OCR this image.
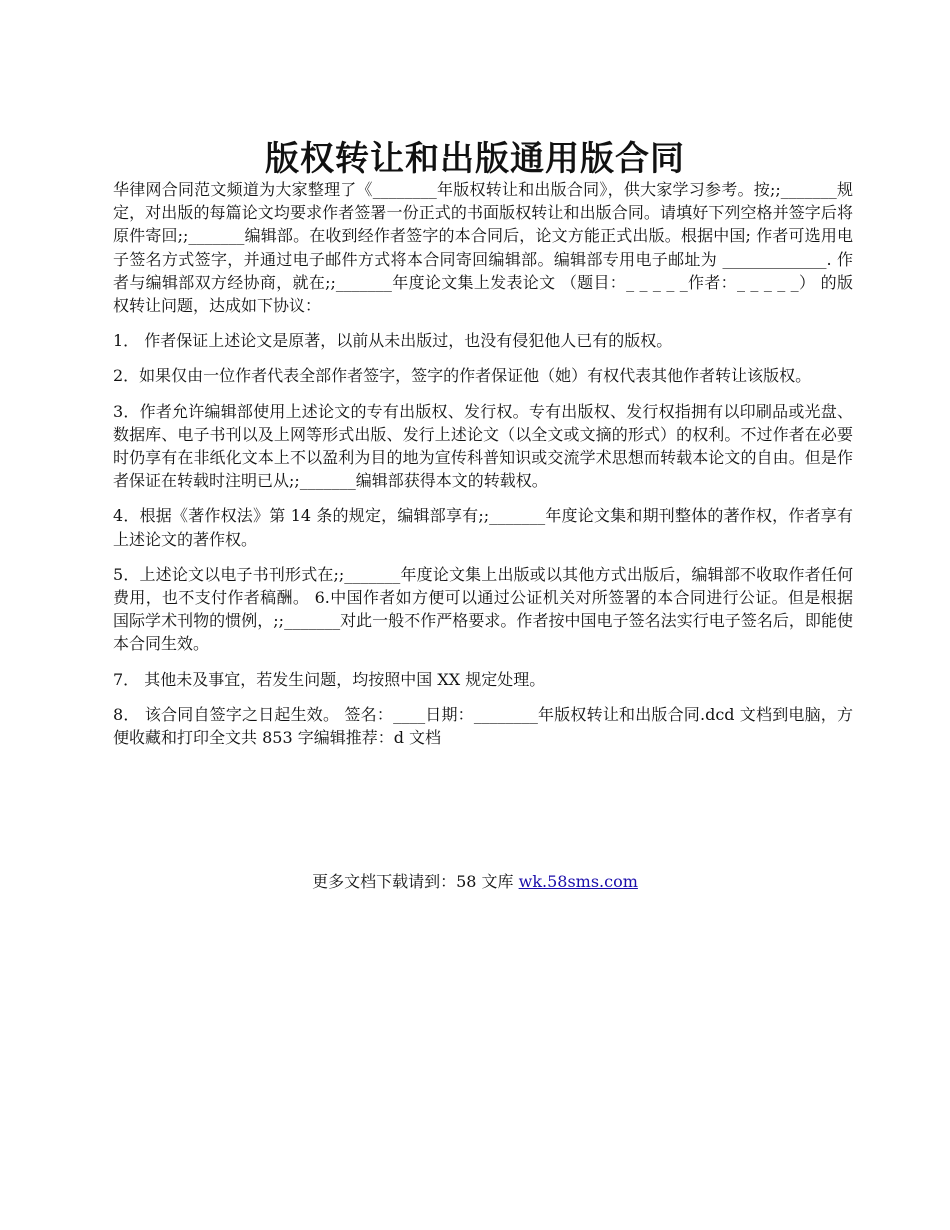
版权转让和出版通用版合同

华律网合同范文频道为大家整理了《________年版权转让和出版合同》，供大家学习参考。按;;_______规定，对出版的每篇论文均要求作者签署一份正式的书面版权转让和出版合同。请填好下列空格并签字后将原件寄回;;_______编辑部。在收到经作者签字的本合同后，论文方能正式出版。根据中国; 作者可选用电子签名方式签字，并通过电子邮件方式将本合同寄回编辑部。编辑部专用电子邮址为 _____________. 作者与编辑部双方经协商，就在;;_______年度论文集上发表论文 （题目：_ _ _ _ _作者：_ _ _ _ _） 的版权转让问题，达成如下协议：

1． 作者保证上述论文是原著，以前从未出版过，也没有侵犯他人已有的版权。

2．如果仅由一位作者代表全部作者签字，签字的作者保证他（她）有权代表其他作者转让该版权。

3．作者允许编辑部使用上述论文的专有出版权、发行权。专有出版权、发行权指拥有以印刷品或光盘、数据库、电子书刊以及上网等形式出版、发行上述论文（以全文或文摘的形式）的权利。不过作者在必要时仍享有在非纸化文本上不以盈利为目的地为宣传科普知识或交流学术思想而转载本论文的自由。但是作者保证在转载时注明已从;;_______编辑部获得本文的转载权。

4．根据《著作权法》第 14 条的规定，编辑部享有;;_______年度论文集和期刊整体的著作权，作者享有上述论文的著作权。

5．上述论文以电子书刊形式在;;_______年度论文集上出版或以其他方式出版后，编辑部不收取作者任何费用，也不支付作者稿酬。 6.中国作者如方便可以通过公证机关对所签署的本合同进行公证。但是根据国际学术刊物的惯例，;;_______对此一般不作严格要求。作者按中国电子签名法实行电子签名后，即能使本合同生效。

7． 其他未及事宜，若发生问题，均按照中国 XX 规定处理。

8． 该合同自签字之日起生效。 签名：____日期：________年版权转让和出版合同.dcd 文档到电脑，方便收藏和打印全文共 853 字编辑推荐：d 文档

更多文档下载请到：58 文库 wk.58sms.com
